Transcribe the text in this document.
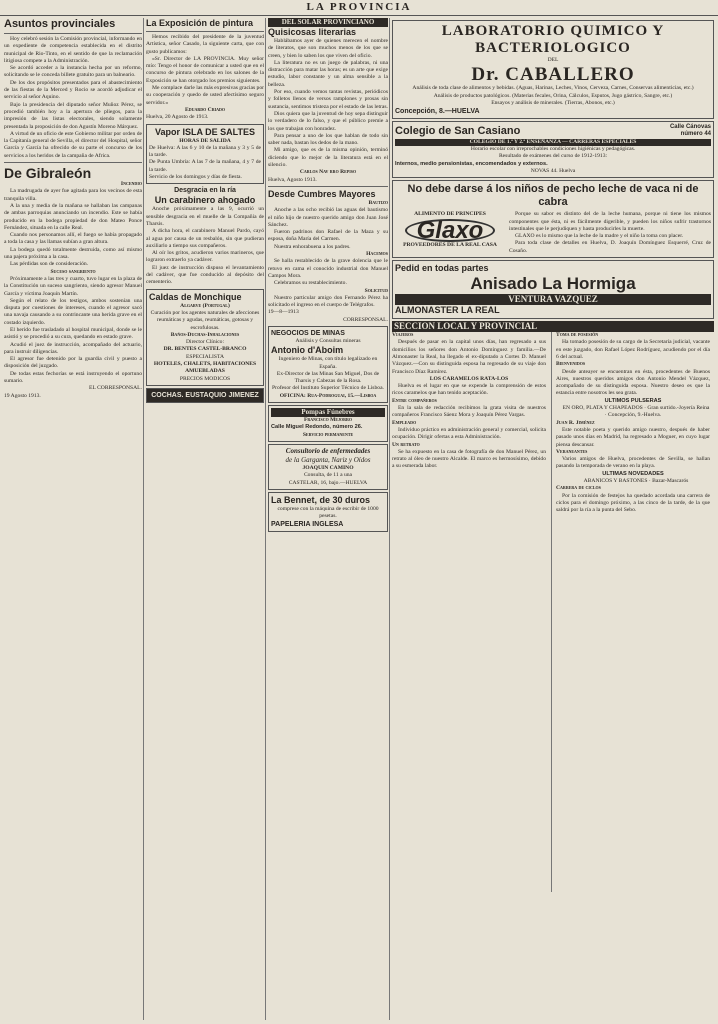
LA PROVINCIA
Asuntos provinciales

Hoy celebró sesión la Comisión provincial, informando en un expediente de competencia establecida en el distrito municipal de Rio-Tinto, en el sentido de que la reclamación litigiosa compete a la Administración.

Se acordó acceder a la instancia hecha por un reformo, solicitando se le conceda billete gratuito para un balneario.

De los dos propósitos presentados para el abastecimiento de las fiestas de la Merced y Rocio se acordó adjudicar el servicio al señor Aquino.

Bajo la presidencia del diputado señor Muñoz Pérez, se procedió también hoy a la apertura de pliegos, para la impresión de las listas electorales, siendo solamente presentada la proposición de don Agustín Moreno Márquez.

A virtud de un oficio de este Gobierno militar por orden de la Capitanía general de Sevilla, el director del Hospital, señor García y García ha ofrecido de su parte el concurso de los servicios a los heridos de la campaña de Africa.

De Gibraleón
Incendio

La madrugada de ayer fue agitada para los vecinos de esta tranquila villa.

A la una y media de la mañana se hallaban las campanas de ambas parroquias anunciando un incendio. Este se había producido en la bodega propiedad de don Mateo Ponce Fernández, situada en la calle Real.

Cuando nos personamos allí, el fuego se había propagado a toda la casa y las llamas subían a gran altura.

La bodega quedó totalmente destruida, como así mismo una pajera próxima a la casa.

Las pérdidas son de consideración.

Suceso sangriento

Próximamente a las tres y cuarto, tuvo lugar en la plaza de la Constitución un suceso sangriento, siendo agresor Manuel García y víctima Joaquín Martín.

Según el relato de los testigos, ambos sostenían una disputa por cuestiones de intereses, cuando el agresor sacó una navaja causando a su contrincante una herida grave en el costado izquierdo.

El herido fue trasladado al hospital municipal, donde se le asistió y se procedió a su cura, quedando en estado grave.

Acudió el juez de instrucción, acompañado del actuario, para instruir diligencias.

El agresor fue detenido por la guardia civil y puesto a disposición del juzgado.

De todas estas fechorías se está instruyendo el oportuno sumario.

EL CORRESPONSAL.
19 Agosto 1913.
La Exposición de pintura

Hemos recibido del presidente de la juventud Artística, señor Casado, la siguiente carta, que con gusto publicamos:

«Sr. Director de LA PROVINCIA. Muy señor mío: Tengo el honor de comunicar a usted que en el concurso de pintura celebrado en los salones de la Exposición se han otorgado los premios siguientes.

Me complace darle las más expresivas gracias por su cooperación y quedo de usted afectísimo seguro servidor.»

Eduardo Criado
Huelva, 20 Agosto de 1913.
Vapor ISLA DE SALTES
HORAS DE SALIDA
De Huelva: A las 6 y 10 de la mañana y 3 y 5 de la tarde.
De Punta Umbría: A las 7 de la mañana, 4 y 7 de la tarde.
Servicio de los domingos y días de fiesta.
Desgracia en la ría
Un carabinero ahogado

Anoche próximamente a las 9, ocurrió un sensible desgracia en el muelle de la Compañía de Tharsis.

A dicha hora, el carabinero Manuel Pardo, cayó al agua por causa de un resbalón, sin que pudieran auxiliarlo a tiempo sus compañeros.

Al oír los gritos, acudieron varios marineros, que lograron extraerlo ya cadáver.

El juez de instrucción dispuso el levantamiento del cadáver, que fue conducido al depósito del cementerio.

Caldas de Monchique
Algarve (Portugal)
Curación por los agentes naturales de afecciones reumáticas y agudas, reumáticas, gotosas y escrofulosas.
Baños-Duchas-Inhalaciones
Director Clínico:
DR. BENTES CASTEL-BRANCO
ESPECIALISTA
HOTELES, CHALETS, HABITACIONES AMUEBLADAS
PRECIOS MODICOS
COCHAS. EUSTAQUIO JIMENEZ
DEL SOLAR PROVINCIANO
Quisicosas literarias

Hablábamos ayer de quienes merecen el nombre de literatos, que son muchos menos de los que se creen, y bien lo saben los que viven del oficio.

La literatura no es un juego de palabras, ni una distracción para matar las horas; es un arte que exige estudio, labor constante y un alma sensible a la belleza.

Por eso, cuando vemos tantas revistas, periódicos y folletos llenos de versos ramplones y prosas sin sustancia, sentimos tristeza por el estado de las letras.

Dios quiera que la juventud de hoy sepa distinguir lo verdadero de lo falso, y que el público premie a los que trabajan con honradez.

Para pensar a uno de los que hablan de todo sin saber nada, bastan los dedos de la mano.

Mi amigo, que es de la misma opinión, terminó diciendo que lo mejor de la literatura está en el silencio.

Carlos Nav rro Repiso
Huelva, Agosto 1913.
Desde Cumbres Mayores
Bautizo

Anoche a las ocho recibió las aguas del bautismo el niño hijo de nuestro querido amigo don Juan José Sánchez.

Fueron padrinos don Rafael de la Maza y su esposa, doña María del Carmen.

Nuestra enhorabuena a los padres.

Hacemos

Se halla restablecido de la grave dolencia que le retuvo en cama el conocido industrial don Manuel Campos Mora.

Celebramos su restablecimiento.

Solicitud

Nuestro particular amigo don Fernando Pérez ha solicitado el ingreso en el cuerpo de Telégrafos.

19—8—1913
CORRESPONSAL.
NEGOCIOS DE MINAS
Análisis y Consultas mineras
Antonio d'Aboim
Ingeniero de Minas, con título legalizado en España.
Ex-Director de las Minas San Miguel, Dos de Tharsis y Cabezas de la Rosa.
Profesor del Instituto Superior Técnico de Lisboa.
OFICINA: Rua-Podroguai, 15.—Lisboa
Pompas Fúnebres
Francisco Mejorro
Calle Miguel Redondo, número 26.
Servicio permanente
Consultorio de enfermedades
de la Garganta, Nariz y Oídos
JOAQUIN CAMINO
Consulta, de 11 a una
CASTELAR, 16, bajo.—HUELVA
La Bennet, de 30 duros
comprese con la máquina de escribir de 1000 pesetas.
PAPELERIA INGLESA
LABORATORIO QUIMICO Y BACTERIOLOGICO
DEL
Dr. CABALLERO
Análisis de toda clase de alimentos y bebidas. (Aguas, Harinas, Leches, Vinos, Cerveza, Carnes, Conservas alimenticias, etc.)
Análisis de productos patológicos. (Materias fecales, Orina, Cálculos, Esputos, Jugo gástrico, Sangre, etc.)
Ensayos y análisis de minerales. (Tierras, Abonos, etc.)
Concepción, 8.—HUELVA
Colegio de San Casiano	Calle Cánovas número 44
COLEGIO DE 1.ª Y 2.ª ENSEÑANZA — CARRERAS ESPECIALES
Horario escolar con irreprochables condiciones higiénicas y pedagógicas.
Resultado de exámenes del curso de 1912-1913:
Internos, medio pensionistas, encomendados y externos.
NOVAS 44. Huelva
No debe darse á los niños de pecho leche de vaca ni de cabra
ALIMENTO DE PRINCIPES
Glaxo
PROVEEDORES DE LA REAL CASA

Porque su sabor es distinto del de la leche humana, porque ni tiene los mismos componentes que ésta, ni es fácilmente digerible, y pueden los niños sufrir trastornos intestinales que le perjudiquen y hasta producirles la muerte.

GLAXO es lo mismo que la leche de la madre y el niño la toma con placer.

Para toda clase de detalles en Huelva, D. Joaquín Domínguez Esquerré, Cruz de Cosaño.

Pedid en todas partes
Anisado La Hormiga
VENTURA VAZQUEZ
ALMONASTER LA REAL
SECCION LOCAL Y PROVINCIAL
Viajeros

Después de pasar en la capital unos días, han regresado a sus domicilios los señores don Antonio Domínguez y familia.—De Almonaster la Real, ha llegado el ex-diputado a Cortes D. Manuel Vázquez.—Con su distinguida esposa ha regresado de su viaje don Francisco Díaz Ramírez.

LOS CARAMELOS RATA-LOS

Huelva es el lugar en que se expende la comprensión de estos ricos caramelos que han tenido aceptación.

Entre compañeros

En la sala de redacción recibimos la grata visita de nuestros compañeros Francisco Sáenz Mora y Joaquín Pérez Vargas.

Empleado

Individuo práctico en administración general y comercial, solicita ocupación. Dirigir ofertas a esta Administración.

Un retrato

Se ha expuesto en la casa de fotografía de don Manuel Pérez, un retrato al óleo de nuestro Alcalde. El marco es hermosísimo, debido a su esmerada labor.

Toma de posesión

Ha tomado posesión de su cargo de la Secretaría judicial, vacante en este juzgado, don Rafael López Rodríguez, acudiendo por el día 6 del actual.

Bienvenidos

Desde anteayer se encuentran en ésta, procedentes de Buenos Aires, nuestros queridos amigos don Antonio Mendel Vázquez, acompañado de su distinguida esposa. Nuestro deseo es que la estancia entre nosotros les sea grata.

ULTIMOS PULSERAS

EN ORO, PLATA Y CHAPEADOS · Gran surtido.-Joyería Reina · Concepción, 9.-Huelva.

Juan R. Jiménez

Este notable poeta y querido amigo nuestro, después de haber pasado unos días en Madrid, ha regresado a Moguer, en cuyo lugar piensa descansar.

Veraneantes

Varios amigos de Huelva, procedentes de Sevilla, se hallan pasando la temporada de verano en la playa.

ULTIMAS NOVEDADES

ABANICOS Y BASTONES · Bazar-Mascarós

Carrera de ciclos

Por la comisión de festejos ha quedado acordada una carrera de ciclos para el domingo próximo, a las cinco de la tarde, de la que saldrá por la ría a la punta del Sebo.
